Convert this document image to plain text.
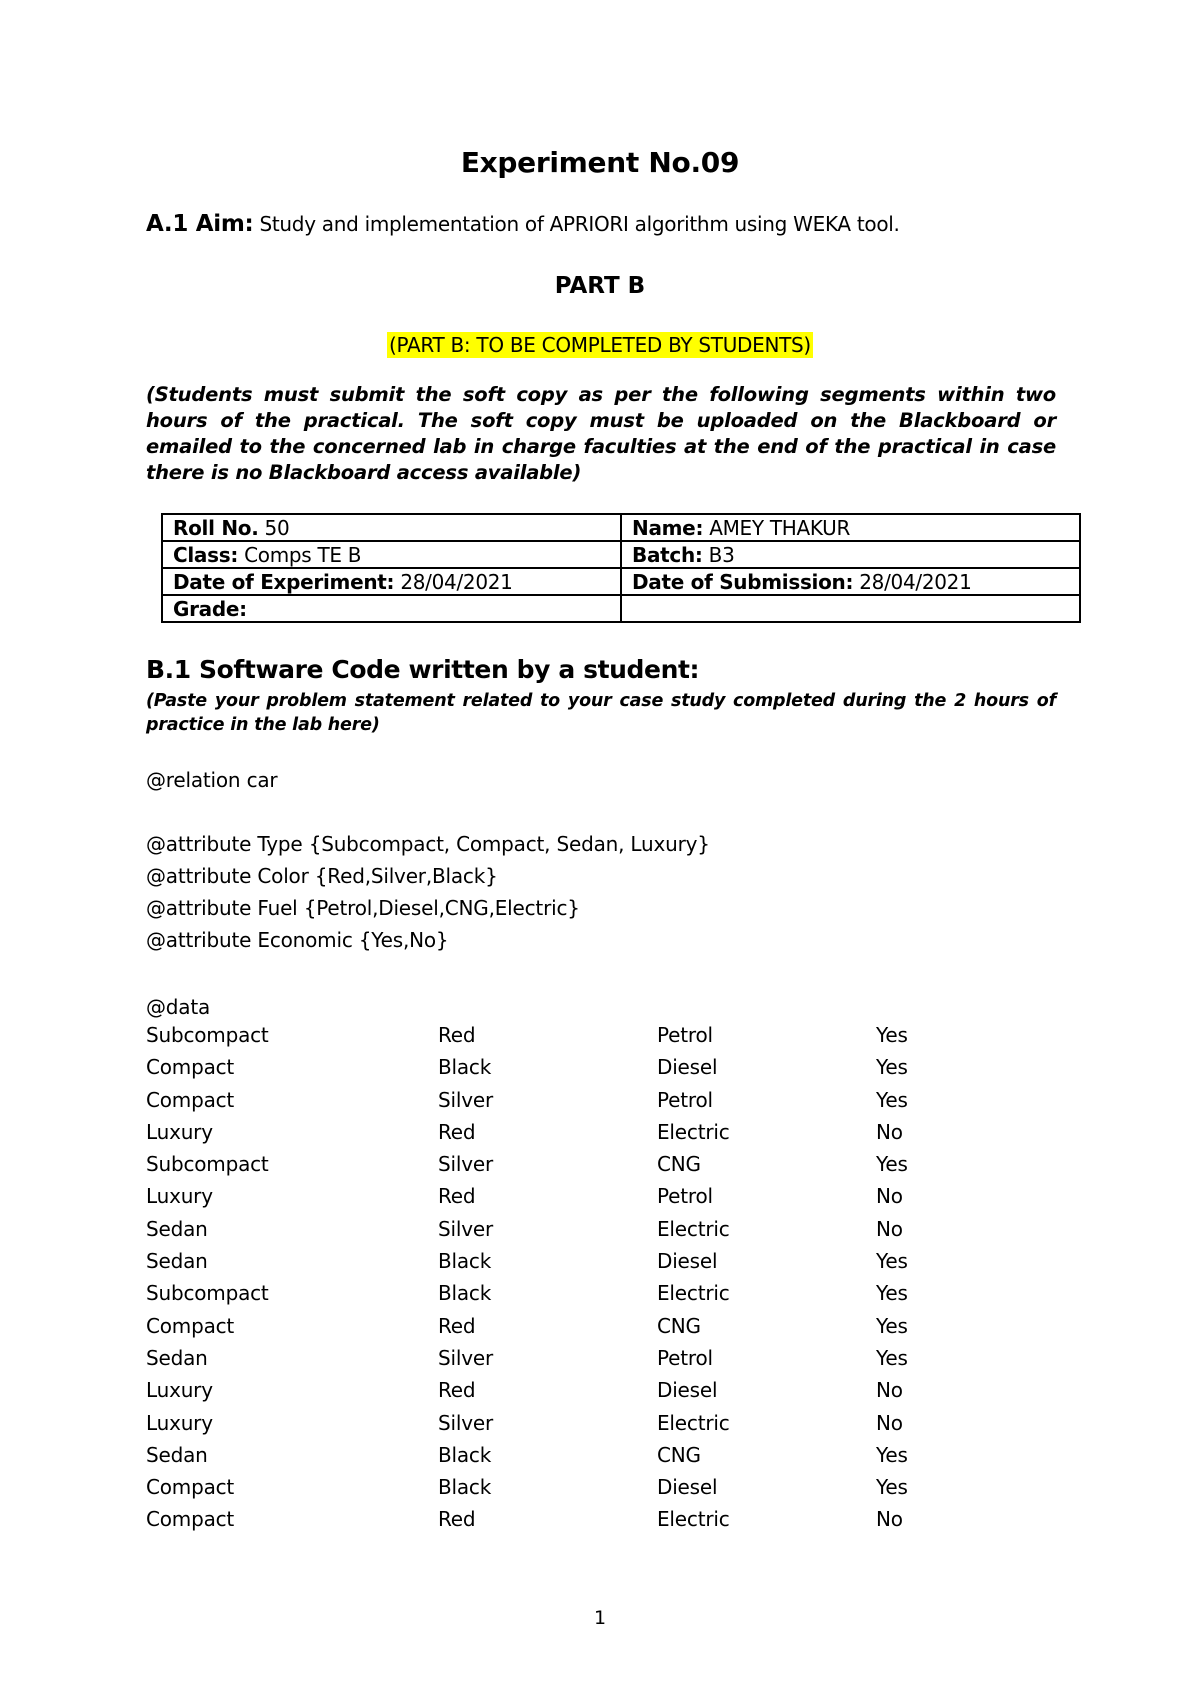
Experiment No.09
A.1 Aim: Study and implementation of APRIORI algorithm using WEKA tool.
PART B
(PART B: TO BE COMPLETED BY STUDENTS)
(Students must submit the soft copy as per the following segments within two hours of the practical. The soft copy must be uploaded on the Blackboard or emailed to the concerned lab in charge faculties at the end of the practical in case there is no Blackboard access available)
Roll No. 50	Name: AMEY THAKUR
Class: Comps TE B	Batch: B3
Date of Experiment: 28/04/2021	Date of Submission: 28/04/2021
Grade:	
B.1 Software Code written by a student:
(Paste your problem statement related to your case study completed during the 2 hours of practice in the lab here)
@relation car
@attribute Type {Subcompact, Compact, Sedan, Luxury}
@attribute Color {Red,Silver,Black}
@attribute Fuel {Petrol,Diesel,CNG,Electric}
@attribute Economic {Yes,No}
@data
Subcompact	Red	Petrol	Yes
Compact	Black	Diesel	Yes
Compact	Silver	Petrol	Yes
Luxury	Red	Electric	No
Subcompact	Silver	CNG	Yes
Luxury	Red	Petrol	No
Sedan	Silver	Electric	No
Sedan	Black	Diesel	Yes
Subcompact	Black	Electric	Yes
Compact	Red	CNG	Yes
Sedan	Silver	Petrol	Yes
Luxury	Red	Diesel	No
Luxury	Silver	Electric	No
Sedan	Black	CNG	Yes
Compact	Black	Diesel	Yes
Compact	Red	Electric	No
1
